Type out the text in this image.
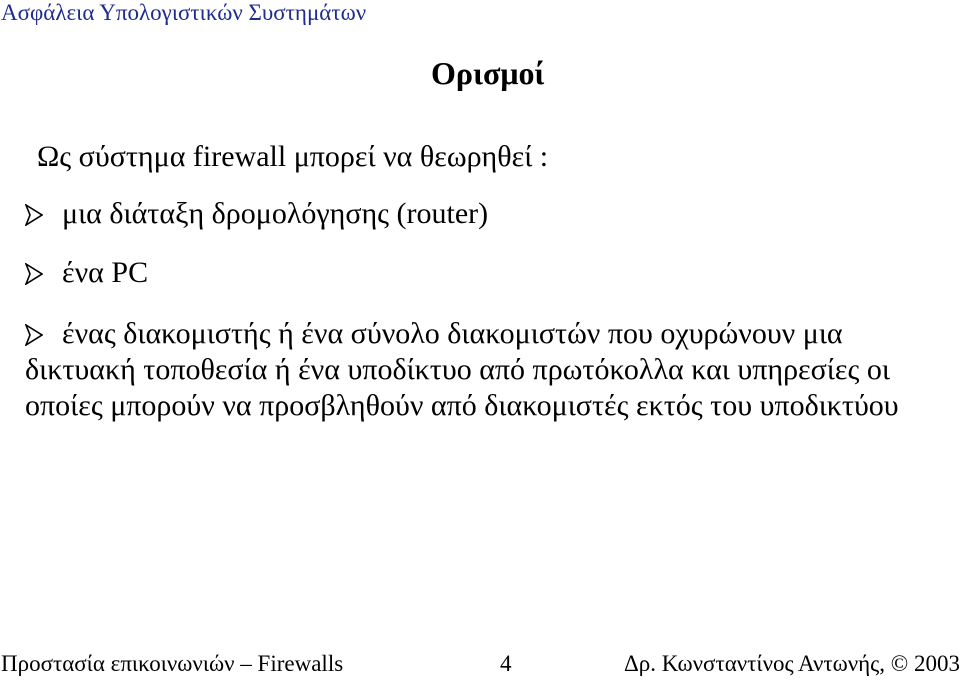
Ασφάλεια Υπολογιστικών Συστημάτων
Ορισμοί
Ως σύστημα firewall μπορεί να θεωρηθεί :
μια διάταξη δρομολόγησης (router)
ένα PC
ένας διακομιστής ή ένα σύνολο διακομιστών που οχυρώνουν μια δικτυακή τοποθεσία ή ένα υποδίκτυο από πρωτόκολλα και υπηρεσίες οι οποίες μπορούν να προσβληθούν από διακομιστές εκτός του υποδικτύου
Προστασία επικοινωνιών – Firewalls	4	Δρ. Κωνσταντίνος Αντωνής, © 2003
